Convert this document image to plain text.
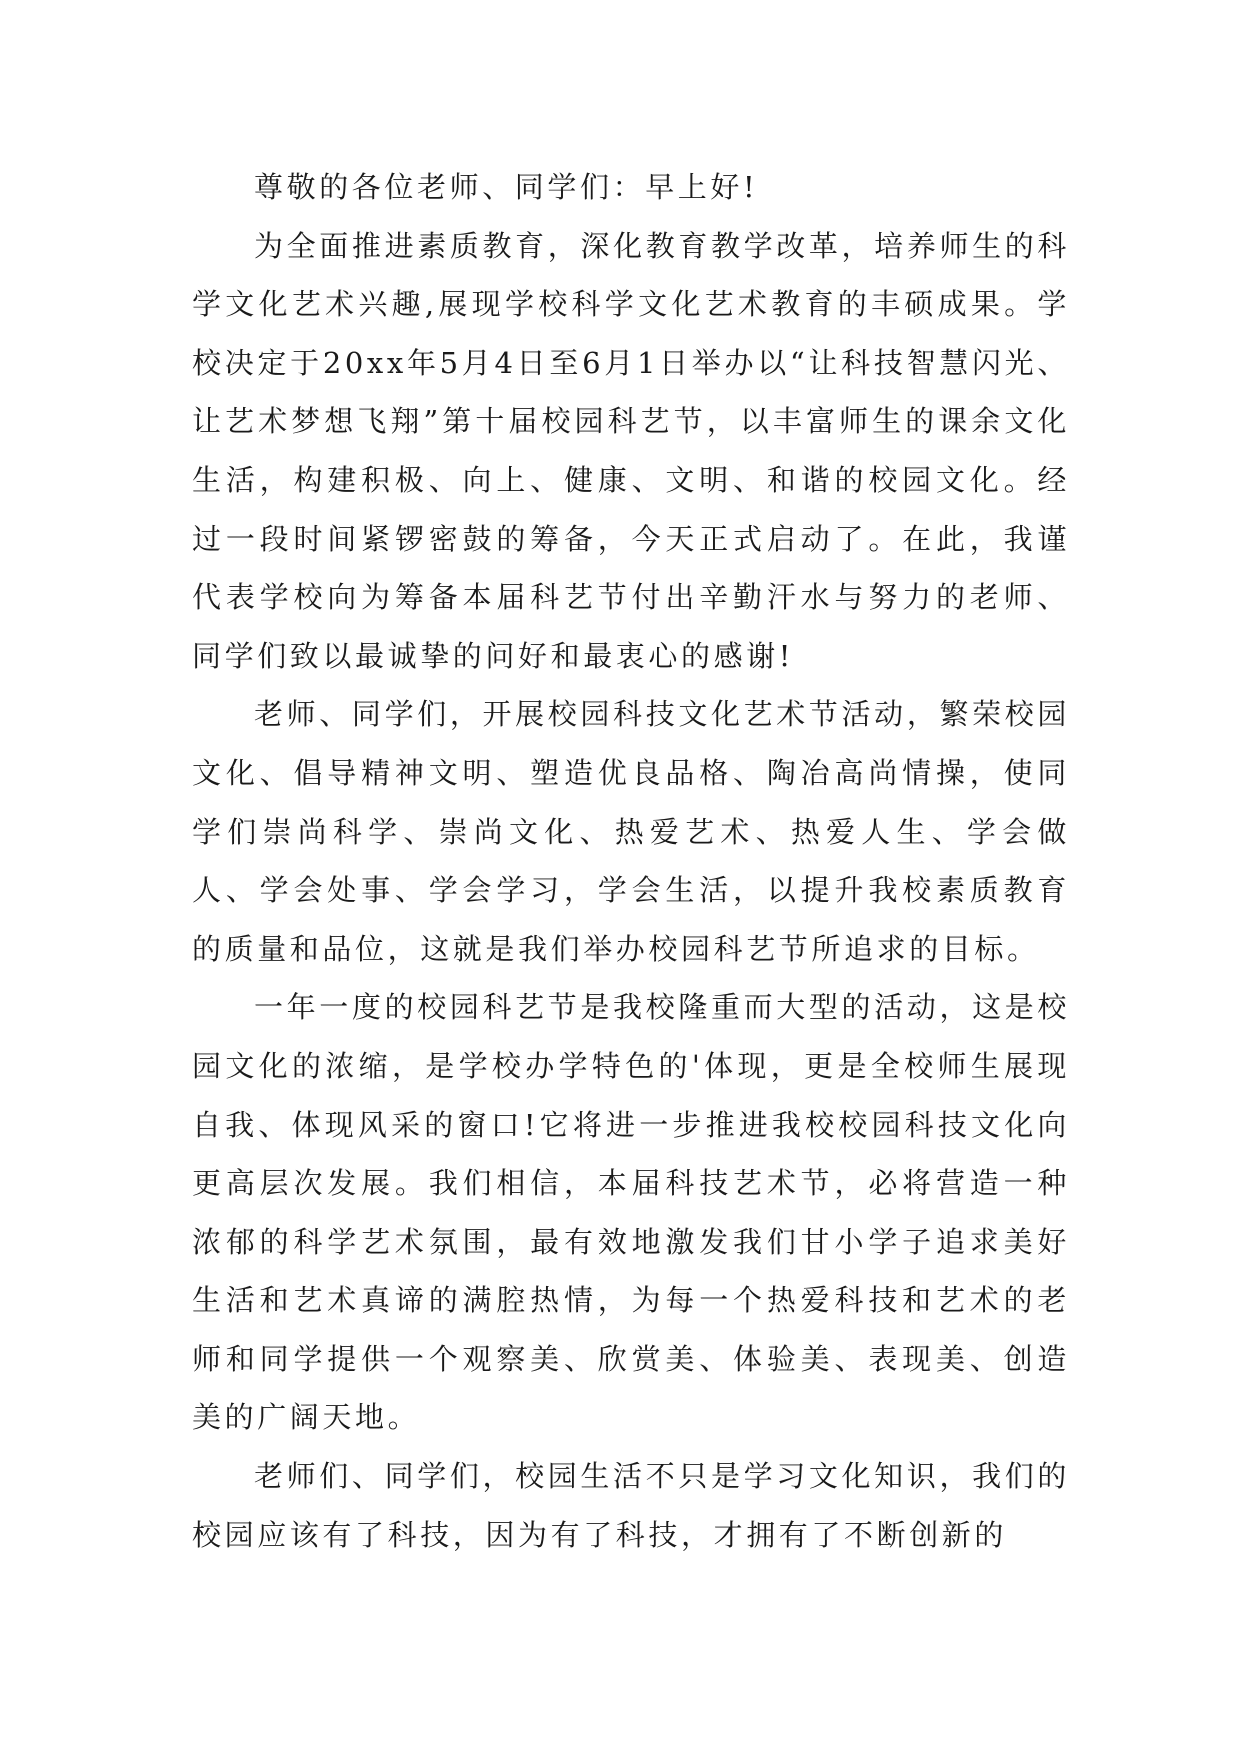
尊敬的各位老师、同学们：早上好!

为全面推进素质教育，深化教育教学改革，培养师生的科学文化艺术兴趣,展现学校科学文化艺术教育的丰硕成果。学校决定于20xx年5月4日至6月1日举办以“让科技智慧闪光、让艺术梦想飞翔”第十届校园科艺节，以丰富师生的课余文化生活，构建积极、向上、健康、文明、和谐的校园文化。经过一段时间紧锣密鼓的筹备，今天正式启动了。在此，我谨代表学校向为筹备本届科艺节付出辛勤汗水与努力的老师、同学们致以最诚挚的问好和最衷心的感谢!

老师、同学们，开展校园科技文化艺术节活动，繁荣校园文化、倡导精神文明、塑造优良品格、陶冶高尚情操，使同学们崇尚科学、崇尚文化、热爱艺术、热爱人生、学会做人、学会处事、学会学习，学会生活，以提升我校素质教育的质量和品位，这就是我们举办校园科艺节所追求的目标。

一年一度的校园科艺节是我校隆重而大型的活动，这是校园文化的浓缩，是学校办学特色的'体现，更是全校师生展现自我、体现风采的窗口!它将进一步推进我校校园科技文化向更高层次发展。我们相信，本届科技艺术节，必将营造一种浓郁的科学艺术氛围，最有效地激发我们甘小学子追求美好生活和艺术真谛的满腔热情，为每一个热爱科技和艺术的老师和同学提供一个观察美、欣赏美、体验美、表现美、创造美的广阔天地。

老师们、同学们，校园生活不只是学习文化知识，我们的校园应该有了科技，因为有了科技，才拥有了不断创新的
